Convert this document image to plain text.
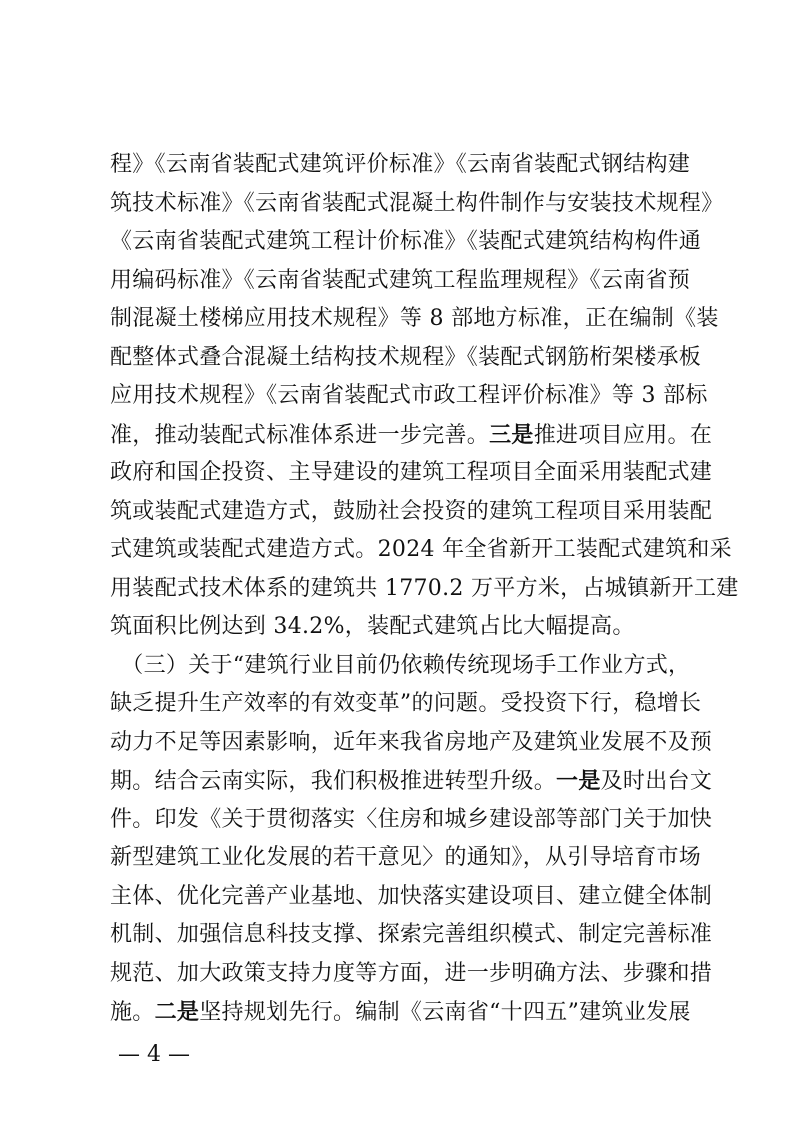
程》《云南省装配式建筑评价标准》《云南省装配式钢结构建
筑技术标准》《云南省装配式混凝土构件制作与安装技术规程》
《云南省装配式建筑工程计价标准》《装配式建筑结构构件通
用编码标准》《云南省装配式建筑工程监理规程》《云南省预
制混凝土楼梯应用技术规程》等 8 部地方标准，正在编制《装
配整体式叠合混凝土结构技术规程》《装配式钢筋桁架楼承板
应用技术规程》《云南省装配式市政工程评价标准》等 3 部标
准，推动装配式标准体系进一步完善。三是推进项目应用。在
政府和国企投资、主导建设的建筑工程项目全面采用装配式建
筑或装配式建造方式，鼓励社会投资的建筑工程项目采用装配
式建筑或装配式建造方式。2024 年全省新开工装配式建筑和采
用装配式技术体系的建筑共 1770.2 万平方米，占城镇新开工建
筑面积比例达到 34.2%，装配式建筑占比大幅提高。
　（三）关于“建筑行业目前仍依赖传统现场手工作业方式，
缺乏提升生产效率的有效变革”的问题。受投资下行，稳增长
动力不足等因素影响，近年来我省房地产及建筑业发展不及预
期。结合云南实际，我们积极推进转型升级。一是及时出台文
件。印发《关于贯彻落实〈住房和城乡建设部等部门关于加快
新型建筑工业化发展的若干意见〉的通知》，从引导培育市场
主体、优化完善产业基地、加快落实建设项目、建立健全体制
机制、加强信息科技支撑、探索完善组织模式、制定完善标准
规范、加大政策支持力度等方面，进一步明确方法、步骤和措
施。二是坚持规划先行。编制《云南省“十四五”建筑业发展
— 4 —
